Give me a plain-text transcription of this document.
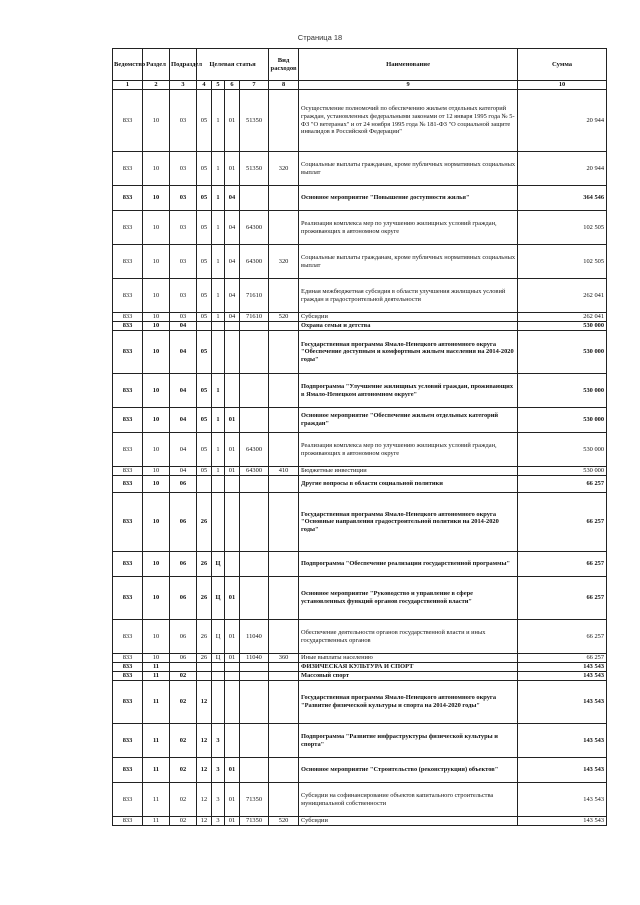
Страница 18
Ведомство	Раздел	Подраздел	Целевая статья				Вид расходов	Наименование	Сумма
1	2	3	4	5	6	7	8	9	10
833	10	03	05	1	01	51350		Осуществление полномочий по обеспечению жильем отдельных категорий граждан, установленных федеральными законами от 12 января 1995 года № 5-ФЗ "О ветеранах" и от 24 ноября 1995 года № 181-ФЗ "О социальной защите инвалидов в Российской Федерации"	20 944
833	10	03	05	1	01	51350	320	Социальные выплаты гражданам, кроме публичных нормативных социальных выплат	20 944
833	10	03	05	1	04			Основное мероприятие "Повышение доступности жилья"	364 546
833	10	03	05	1	04	64300		Реализация комплекса мер по улучшению жилищных условий граждан, проживающих в автономном округе	102 505
833	10	03	05	1	04	64300	320	Социальные выплаты гражданам, кроме публичных нормативных социальных выплат	102 505
833	10	03	05	1	04	71610		Единая межбюджетная субсидия в области улучшения жилищных условий граждан и градостроительной деятельности	262 041
833	10	03	05	1	04	71610	520	Субсидии	262 041
833	10	04						Охрана семьи и детства	530 000
833	10	04	05					Государственная программа Ямало-Ненецкого автономного округа "Обеспечение доступным и комфортным жильем населения на 2014-2020 годы"	530 000
833	10	04	05	1				Подпрограмма "Улучшение жилищных условий граждан, проживающих в Ямало-Ненецком автономном округе"	530 000
833	10	04	05	1	01			Основное мероприятие "Обеспечение жильем отдельных категорий граждан"	530 000
833	10	04	05	1	01	64300		Реализация комплекса мер по улучшению жилищных условий граждан, проживающих в автономном округе	530 000
833	10	04	05	1	01	64300	410	Бюджетные инвестиции	530 000
833	10	06						Другие вопросы в области социальной политики	66 257
833	10	06	26					Государственная программа Ямало-Ненецкого автономного округа "Основные направления градостроительной политики на 2014-2020 годы"	66 257
833	10	06	26	Ц				Подпрограмма "Обеспечение реализации государственной программы"	66 257
833	10	06	26	Ц	01			Основное мероприятие "Руководство и управление в сфере установленных функций органов государственной власти"	66 257
833	10	06	26	Ц	01	11040		Обеспечение деятельности органов государственной власти и иных государственных органов	66 257
833	10	06	26	Ц	01	11040	360	Иные выплаты населению	66 257
833	11							ФИЗИЧЕСКАЯ КУЛЬТУРА И СПОРТ	143 543
833	11	02						Массовый спорт	143 543
833	11	02	12					Государственная программа Ямало-Ненецкого автономного округа "Развитие физической культуры и спорта на 2014-2020 годы"	143 543
833	11	02	12	3				Подпрограмма "Развитие инфраструктуры физической культуры и спорта"	143 543
833	11	02	12	3	01			Основное мероприятие "Строительство (реконструкция) объектов"	143 543
833	11	02	12	3	01	71350		Субсидии на софинансирование объектов капитального строительства муниципальной собственности	143 543
833	11	02	12	3	01	71350	520	Субсидии	143 543
